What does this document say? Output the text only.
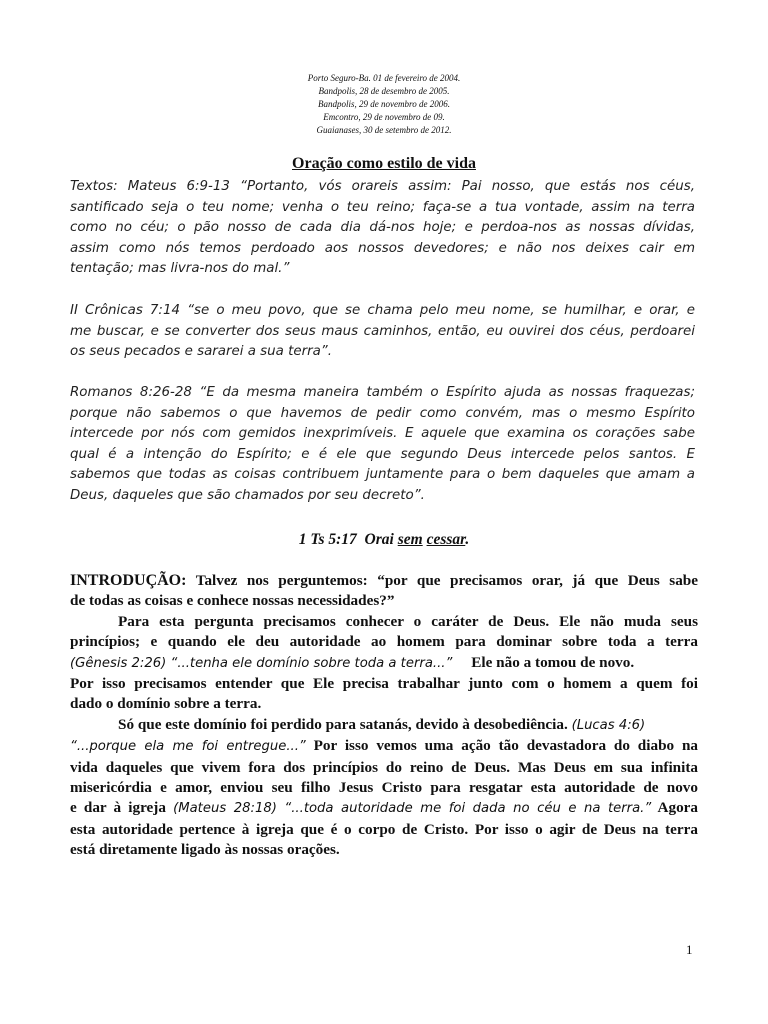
Porto Seguro-Ba. 01 de fevereiro de 2004.
Bandpolis, 28 de desembro de 2005.
Bandpolis, 29 de novembro de 2006.
Emcontro, 29 de novembro de 09.
Guaianases, 30 de setembro de 2012.
Oração como estilo de vida
Textos: Mateus 6:9-13 “Portanto, vós orareis assim: Pai nosso, que estás nos céus,
santificado seja o teu nome; venha o teu reino; faça-se a tua vontade, assim na terra
como no céu; o pão nosso de cada dia dá-nos hoje; e perdoa-nos as nossas dívidas,
assim como nós temos perdoado aos nossos devedores; e não nos deixes cair em
tentação; mas livra-nos do mal.”
II Crônicas 7:14 “se o meu povo, que se chama pelo meu nome, se humilhar, e orar, e
me buscar, e se converter dos seus maus caminhos, então, eu ouvirei dos céus, perdoarei
os seus pecados e sararei a sua terra”.
Romanos 8:26-28 “E da mesma maneira também o Espírito ajuda as nossas fraquezas;
porque não sabemos o que havemos de pedir como convém, mas o mesmo Espírito
intercede por nós com gemidos inexprimíveis. E aquele que examina os corações sabe
qual é a intenção do Espírito; e é ele que segundo Deus intercede pelos santos. E
sabemos que todas as coisas contribuem juntamente para o bem daqueles que amam a
Deus, daqueles que são chamados por seu decreto”.
1 Ts 5:17 Orai sem cessar.
INTRODUÇÃO: Talvez nos perguntemos: “por que precisamos orar, já que Deus sabe
de todas as coisas e conhece nossas necessidades?”
Para esta pergunta precisamos conhecer o caráter de Deus. Ele não muda seus
princípios; e quando ele deu autoridade ao homem para dominar sobre toda a terra
(Gênesis 2:26) “...tenha ele domínio sobre toda a terra...” Ele não a tomou de novo.
Por isso precisamos entender que Ele precisa trabalhar junto com o homem a quem foi
dado o domínio sobre a terra.
Só que este domínio foi perdido para satanás, devido à desobediência. (Lucas 4:6)
“...porque ela me foi entregue...” Por isso vemos uma ação tão devastadora do diabo na
vida daqueles que vivem fora dos princípios do reino de Deus. Mas Deus em sua infinita
misericórdia e amor, enviou seu filho Jesus Cristo para resgatar esta autoridade de novo
e dar à igreja (Mateus 28:18) “...toda autoridade me foi dada no céu e na terra.” Agora
esta autoridade pertence à igreja que é o corpo de Cristo. Por isso o agir de Deus na terra
está diretamente ligado às nossas orações.
1
